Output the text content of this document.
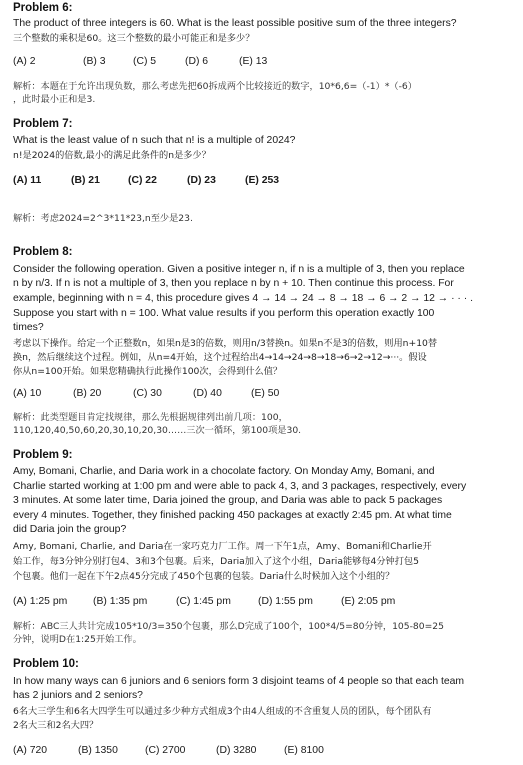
Problem 6:
The product of three integers is 60. What is the least possible positive sum of the three integers?
三个整数的乘积是60。这三个整数的最小可能正和是多少？
(A) 2	(B) 3	(C) 5	(D) 6	(E) 13
解析：本题在于允许出现负数，那么考虑先把60拆成两个比较接近的数字，10*6,6=（-1）*（-6）
，此时最小正和是3.
Problem 7:
What is the least value of n such that n! is a multiple of 2024?
n!是2024的倍数,最小的满足此条件的n是多少？
(A) 11	(B) 21	(C) 22	(D) 23	(E) 253
解析：考虑2024=2^3*11*23,n至少是23.
Problem 8:
Consider the following operation. Given a positive integer n, if n is a multiple of 3, then you replace
n by n/3. If n is not a multiple of 3, then you replace n by n + 10. Then continue this process. For
example, beginning with n = 4, this procedure gives 4 → 14 → 24 → 8 → 18 → 6 → 2 → 12 → · · · .
Suppose you start with n = 100. What value results if you perform this operation exactly 100
times?
考虑以下操作。给定一个正整数n，如果n是3的倍数，则用n/3替换n。如果n不是3的倍数，则用n+10替
换n，然后继续这个过程。例如，从n=4开始，这个过程给出4→14→24→8→18→6→2→12→···。假设
你从n=100开始。如果您精确执行此操作100次，会得到什么值？
(A) 10	(B) 20	(C) 30	(D) 40	(E) 50
解析：此类型题目肯定找规律，那么先根据规律列出前几项：100，
110,120,40,50,60,20,30,10,20,30……三次一循环，第100项是30.
Problem 9:
Amy, Bomani, Charlie, and Daria work in a chocolate factory. On Monday Amy, Bomani, and
Charlie started working at 1:00 pm and were able to pack 4, 3, and 3 packages, respectively, every
3 minutes. At some later time, Daria joined the group, and Daria was able to pack 5 packages
every 4 minutes. Together, they finished packing 450 packages at exactly 2:45 pm. At what time
did Daria join the group?
Amy, Bomani, Charlie, and Daria在一家巧克力厂工作。周一下午1点，Amy、Bomani和Charlie开
始工作，每3分钟分别打包4、3和3个包裹。后来，Daria加入了这个小组，Daria能够每4分钟打包5
个包裹。他们一起在下午2点45分完成了450个包裹的包装。Daria什么时候加入这个小组的？
(A) 1:25 pm (B) 1:35 pm	(C) 1:45 pm	(D) 1:55 pm	(E) 2:05 pm
解析：ABC三人共计完成105*10/3=350个包裹，那么D完成了100个，100*4/5=80分钟，105-80=25
分钟，说明D在1:25开始工作。
Problem 10:
In how many ways can 6 juniors and 6 seniors form 3 disjoint teams of 4 people so that each team
has 2 juniors and 2 seniors?
6名大三学生和6名大四学生可以通过多少种方式组成3个由4人组成的不含重复人员的团队，每个团队有
2名大三和2名大四？
(A) 720	(B) 1350	(C) 2700	(D) 3280	(E) 8100
